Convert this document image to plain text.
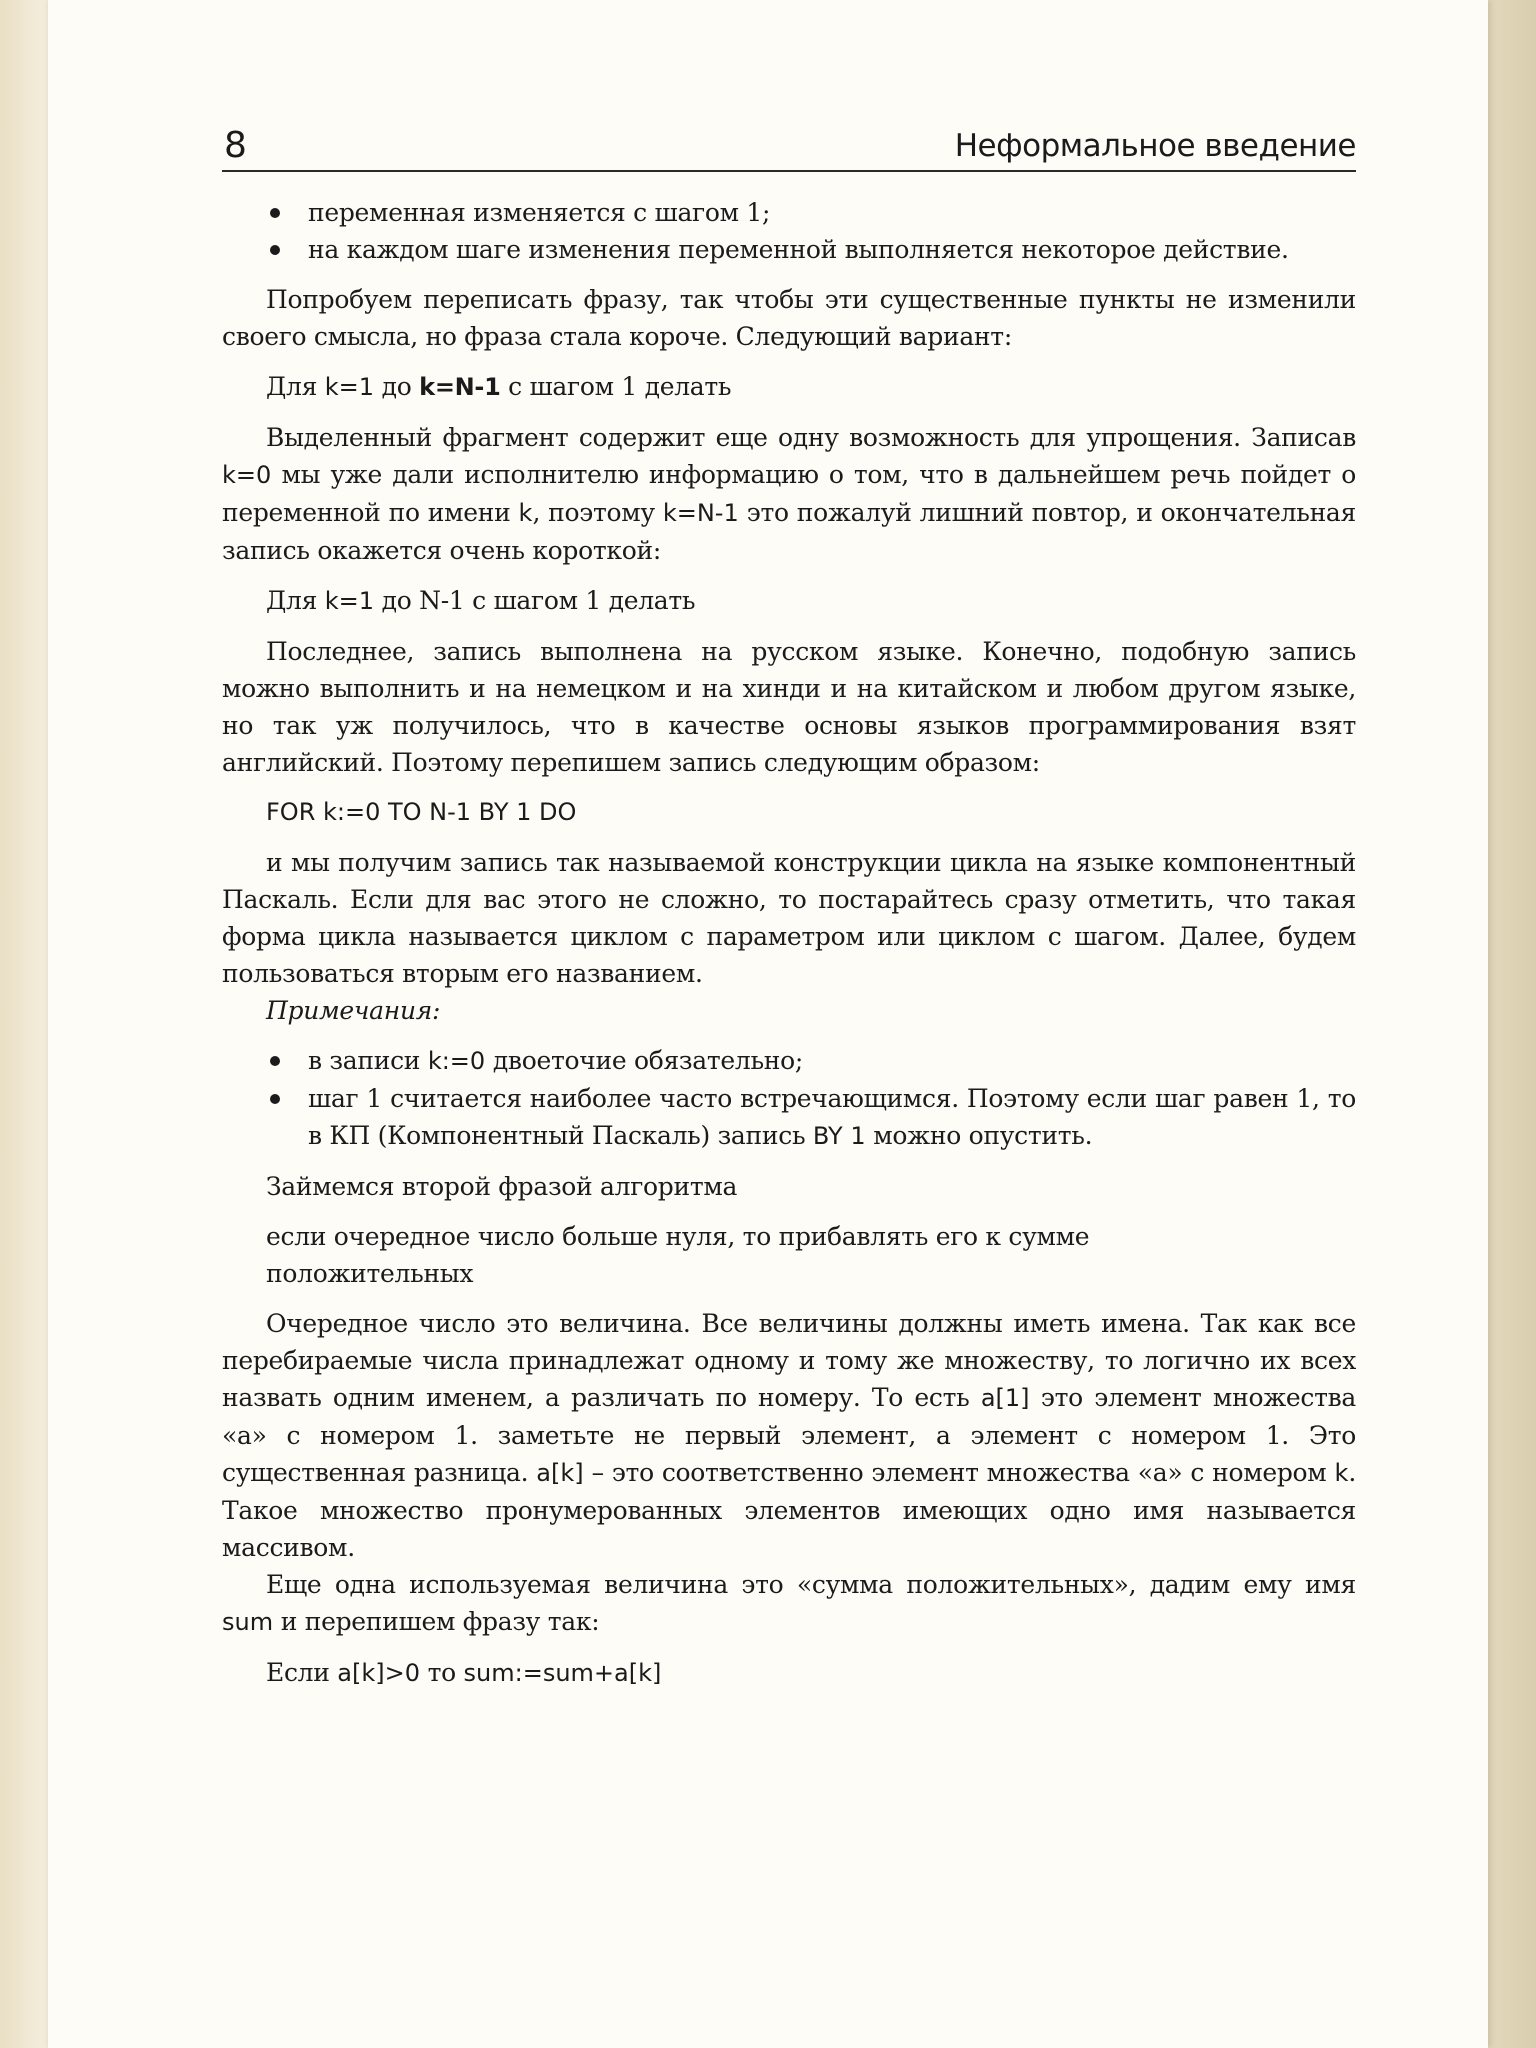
8	Неформальное введение
переменная изменяется с шагом 1;
на каждом шаге изменения переменной выполняется некоторое действие.

Попробуем переписать фразу, так чтобы эти существенные пункты не изменили своего смысла, но фраза стала короче. Следующий вариант:

Для k=1 до k=N-1 с шагом 1 делать

Выделенный фрагмент содержит еще одну возможность для упрощения. Записав k=0 мы уже дали исполнителю информацию о том, что в дальнейшем речь пойдет о переменной по имени k, поэтому k=N-1 это пожалуй лишний повтор, и окончательная запись окажется очень короткой:

Для k=1 до N-1 с шагом 1 делать

Последнее, запись выполнена на русском языке. Конечно, подобную запись можно выполнить и на немецком и на хинди и на китайском и любом другом языке, но так уж получилось, что в качестве основы языков программирования взят английский. Поэтому перепишем запись следующим образом:

FOR k:=0 TO N-1 BY 1 DO

и мы получим запись так называемой конструкции цикла на языке компонентный Паскаль. Если для вас этого не сложно, то постарайтесь сразу отметить, что такая форма цикла называется циклом с параметром или циклом с шагом. Далее, будем пользоваться вторым его названием.

Примечания:
в записи k:=0 двоеточие обязательно;
шаг 1 считается наиболее часто встречающимся. Поэтому если шаг равен 1, то в КП (Компонентный Паскаль) запись BY 1 можно опустить.
Займемся второй фразой алгоритма
если очередное число больше нуля, то прибавлять его к сумме положительных

Очередное число это величина. Все величины должны иметь имена. Так как все перебираемые числа принадлежат одному и тому же множеству, то логично их всех назвать одним именем, а различать по номеру. То есть a[1] это элемент множества «а» с номером 1. заметьте не первый элемент, а элемент с номером 1. Это существенная разница. a[k] – это соответственно элемент множества «а» с номером k. Такое множество пронумерованных элементов имеющих одно имя называется массивом.

Еще одна используемая величина это «сумма положительных», дадим ему имя sum и перепишем фразу так:

Если a[k]>0 то sum:=sum+a[k]
